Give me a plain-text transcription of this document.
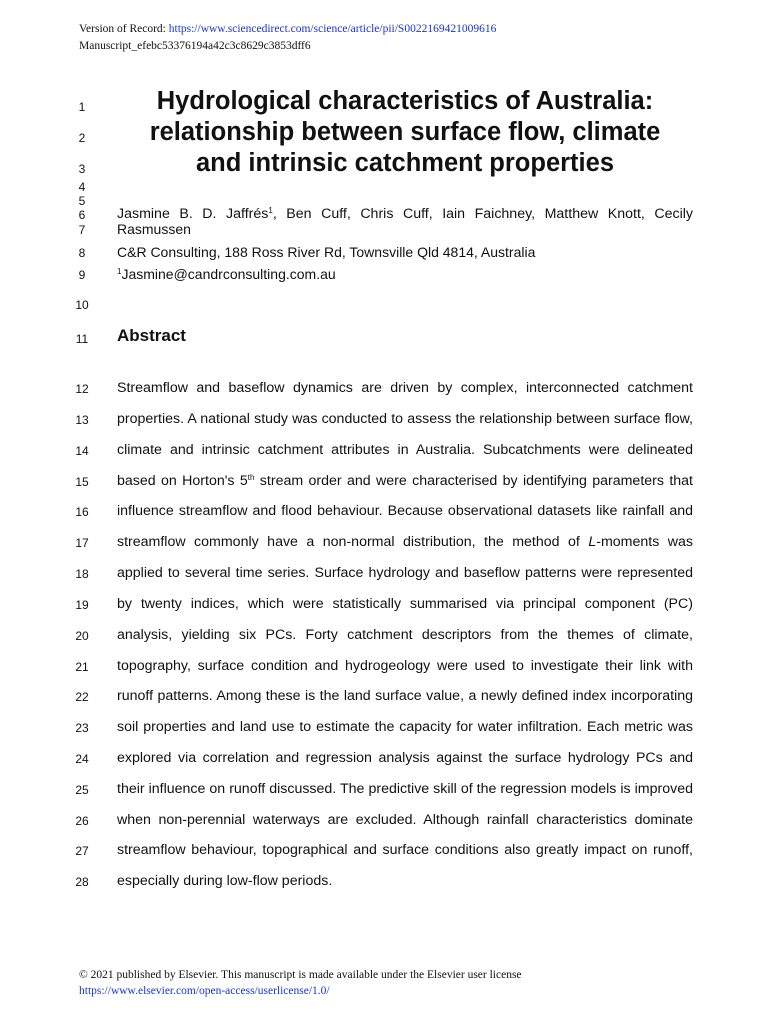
Version of Record: https://www.sciencedirect.com/science/article/pii/S0022169421009616
Manuscript_efebc53376194a42c3c8629c3853dff6
1
2
3
4
5
6
7
8
9
10
11
12
13
14
15
16
17
18
19
20
21
22
23
24
25
26
27
28
Hydrological characteristics of Australia:
relationship between surface flow, climate
and intrinsic catchment properties
Jasmine B. D. Jaffrés$^1$, Ben Cuff, Chris Cuff, Iain Faichney, Matthew Knott, Cecily
Rasmussen
C&R Consulting, 188 Ross River Rd, Townsville Qld 4814, Australia
$^1$Jasmine@candrconsulting.com.au
Abstract
Streamflow and baseflow dynamics are driven by complex, interconnected catchment
properties. A national study was conducted to assess the relationship between surface flow,
climate and intrinsic catchment attributes in Australia. Subcatchments were delineated
based on Horton's 5th stream order and were characterised by identifying parameters that
influence streamflow and flood behaviour. Because observational datasets like rainfall and
streamflow commonly have a non-normal distribution, the method of L-moments was
applied to several time series. Surface hydrology and baseflow patterns were represented
by twenty indices, which were statistically summarised via principal component (PC)
analysis, yielding six PCs. Forty catchment descriptors from the themes of climate,
topography, surface condition and hydrogeology were used to investigate their link with
runoff patterns. Among these is the land surface value, a newly defined index incorporating
soil properties and land use to estimate the capacity for water infiltration. Each metric was
explored via correlation and regression analysis against the surface hydrology PCs and
their influence on runoff discussed. The predictive skill of the regression models is improved
when non-perennial waterways are excluded. Although rainfall characteristics dominate
streamflow behaviour, topographical and surface conditions also greatly impact on runoff,
especially during low-flow periods.
© 2021 published by Elsevier. This manuscript is made available under the Elsevier user license
https://www.elsevier.com/open-access/userlicense/1.0/
